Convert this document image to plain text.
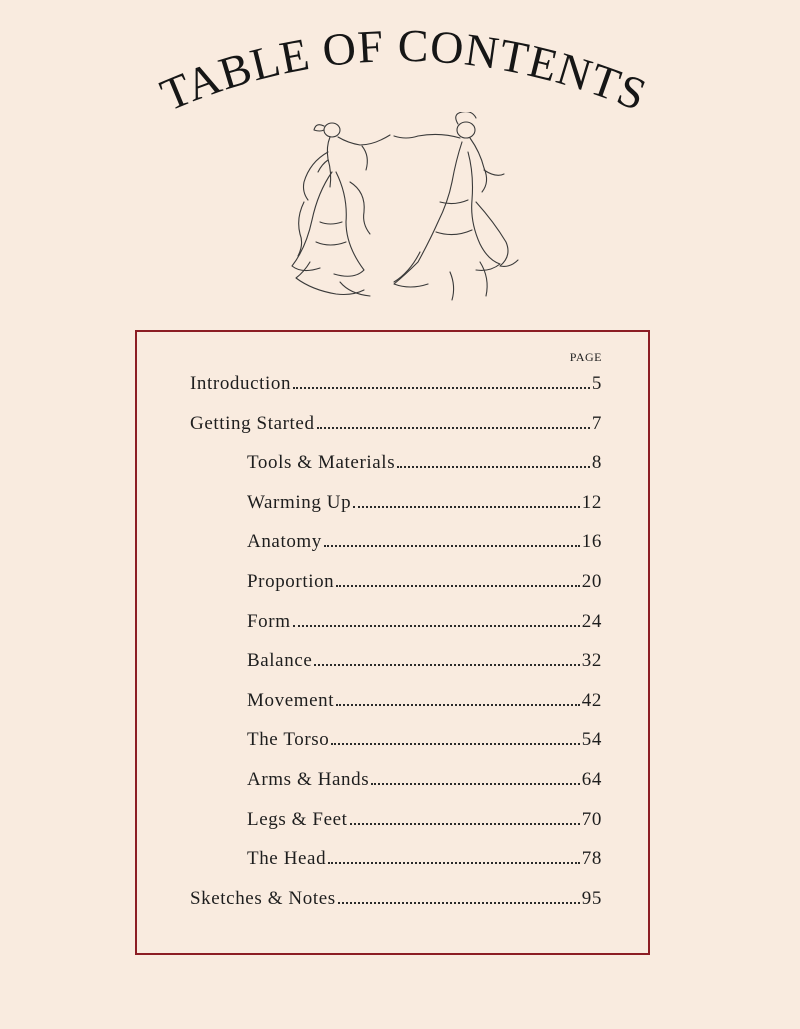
TABLE OF CONTENTS
PAGE
Introduction	5
Getting Started	7
Tools & Materials	8
Warming Up	12
Anatomy	16
Proportion	20
Form	24
Balance	32
Movement	42
The Torso	54
Arms & Hands	64
Legs & Feet	70
The Head	78
Sketches & Notes	95
